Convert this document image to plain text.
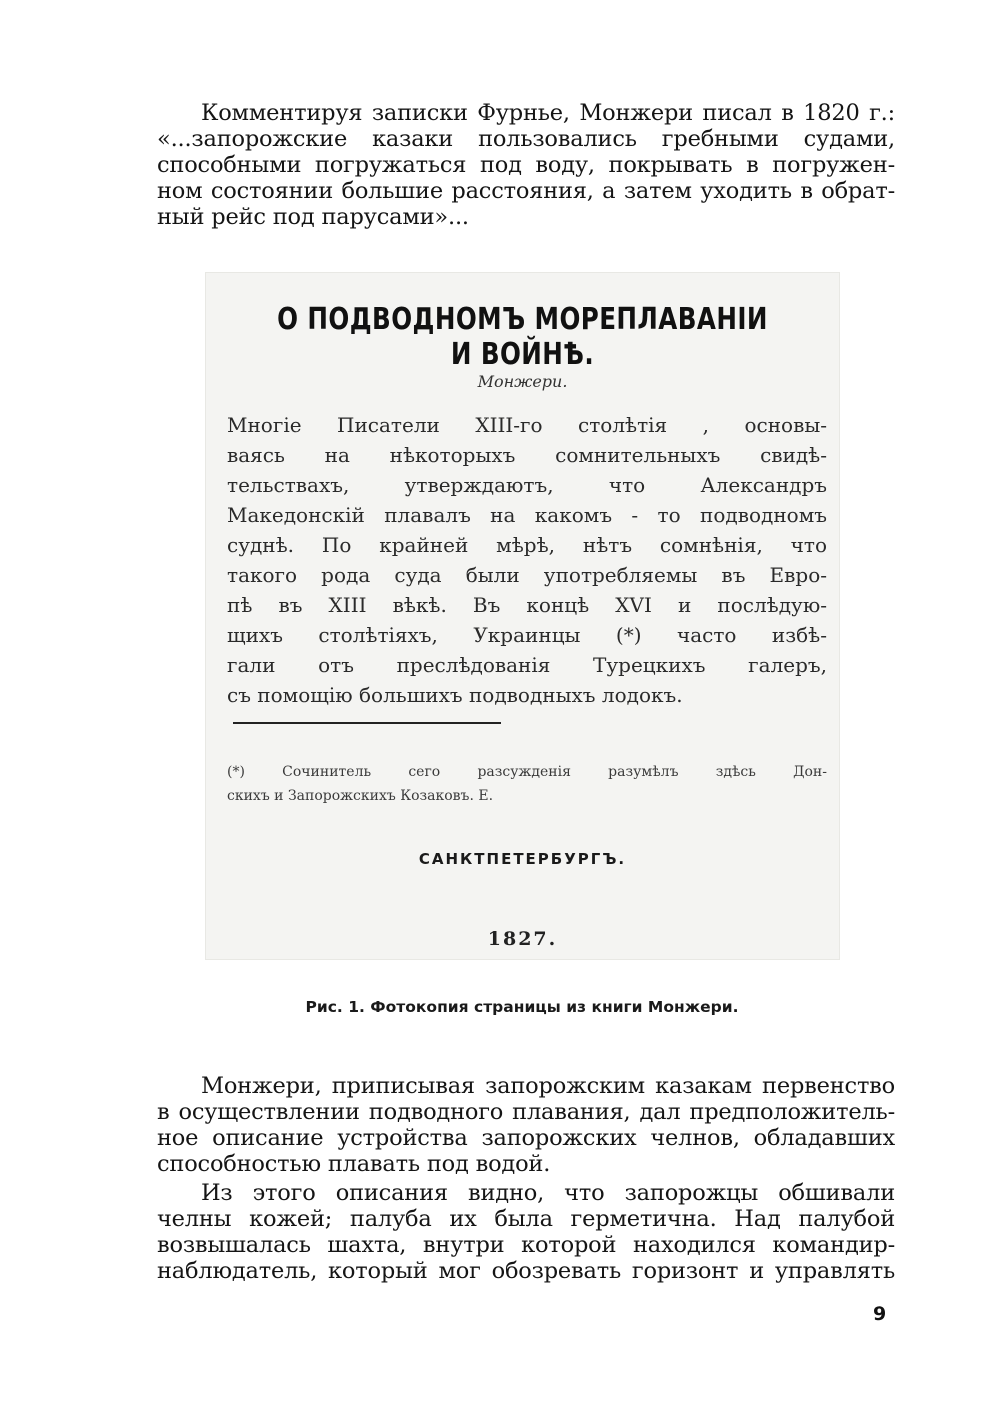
Комментируя записки Фурнье, Монжери писал в 1820 г.:
«...запорожские казаки пользовались гребными судами,
способными погружаться под воду, покрывать в погружен-
ном состоянии большие расстояния, а затем уходить в обрат-
ный рейс под парусами»...
О ПОДВОДНОМЪ МОРЕПЛАВАНІИ И ВОЙНѢ.
Монжери.
Многіе Писатели XIII-го столѣтія , основы-
ваясь на нѣкоторыхъ сомнительныхъ свидѣ-
тельствахъ, утверждаютъ, что Александръ
Македонскій плавалъ на какомъ - то подводномъ
суднѣ. По крайней мѣрѣ, нѣтъ сомнѣнія, что
такого рода суда были употребляемы въ Евро-
пѣ въ XIII вѣкѣ. Въ концѣ XVI и послѣдую-
щихъ столѣтіяхъ, Украинцы (*) часто избѣ-
гали отъ преслѣдованія Турецкихъ галеръ,
съ помощію большихъ подводныхъ лодокъ.
(*) Сочинитель сего разсужденія разумѣлъ здѣсь Дон-
скихъ и Запорожскихъ Козаковъ. E.
САНКТПЕТЕРБУРГЪ.
1827.
Рис. 1. Фотокопия страницы из книги Монжери.
Монжери, приписывая запорожским казакам первенство
в осуществлении подводного плавания, дал предположитель-
ное описание устройства запорожских челнов, обладавших
способностью плавать под водой.
Из этого описания видно, что запорожцы обшивали
челны кожей; палуба их была герметична. Над палубой
возвышалась шахта, внутри которой находился командир-
наблюдатель, который мог обозревать горизонт и управлять
9
